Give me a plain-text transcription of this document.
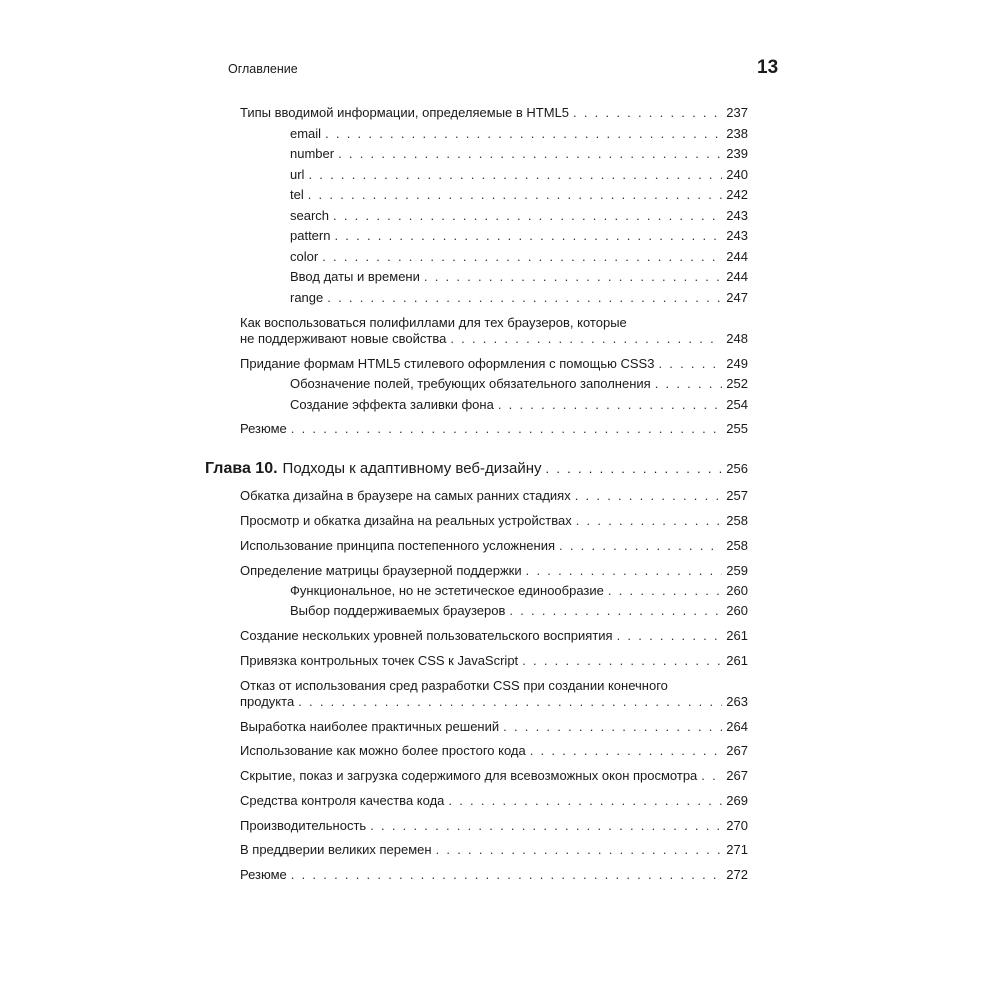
Оглавление	13
Типы вводимой информации, определяемые в HTML5 . . .	237
email . . .	238
number . . .	239
url . . .	240
tel . . .	242
search . . .	243
pattern . . .	243
color . . .	244
Ввод даты и времени . . .	244
range . . .	247
Как воспользоваться полифиллами для тех браузеров, которые
не поддерживают новые свойства . . .	248
Придание формам HTML5 стилевого оформления с помощью CSS3 . . .	249
Обозначение полей, требующих обязательного заполнения . . .	252
Создание эффекта заливки фона . . .	254
Резюме . . .	255
Глава 10. Подходы к адаптивному веб-дизайну . . .	256
Обкатка дизайна в браузере на самых ранних стадиях . . .	257
Просмотр и обкатка дизайна на реальных устройствах . . .	258
Использование принципа постепенного усложнения . . .	258
Определение матрицы браузерной поддержки . . .	259
Функциональное, но не эстетическое единообразие . . .	260
Выбор поддерживаемых браузеров . . .	260
Создание нескольких уровней пользовательского восприятия . . .	261
Привязка контрольных точек CSS к JavaScript . . .	261
Отказ от использования сред разработки CSS при создании конечного
продукта . . .	263
Выработка наиболее практичных решений . . .	264
Использование как можно более простого кода . . .	267
Скрытие, показ и загрузка содержимого для всевозможных окон просмотра . . . 267
Средства контроля качества кода . . .	269
Производительность . . .	270
В преддверии великих перемен . . .	271
Резюме . . .	272
